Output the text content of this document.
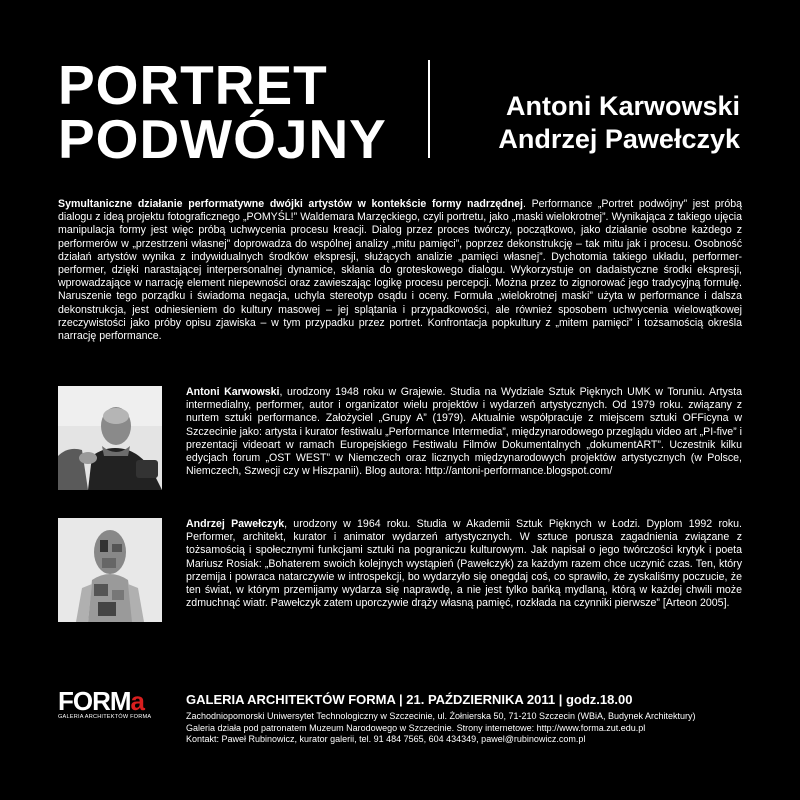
PORTRET
PODWÓJNY
Antoni Karwowski
Andrzej Pawełczyk

Symultaniczne działanie performatywne dwójki artystów w kontekście formy nadrzędnej. Performance „Portret podwójny” jest próbą dialogu z ideą projektu fotograficznego „POMYŚL!” Waldemara Marzęckiego, czyli portretu, jako „maski wielokrotnej”. Wynikająca z takiego ujęcia manipulacja formy jest więc próbą uchwycenia procesu kreacji. Dialog przez proces twórczy, początkowo, jako działanie osobne każdego z performerów w „przestrzeni własnej” doprowadza do wspólnej analizy „mitu pamięci”, poprzez dekonstrukcję – tak mitu jak i procesu. Osobność działań artystów wynika z indywidualnych środków ekspresji, służących analizie „pamięci własnej”. Dychotomia takiego układu, performer-performer, dzięki narastającej interpersonalnej dynamice, skłania do groteskowego dialogu. Wykorzystuje on dadaistyczne środki ekspresji, wprowadzające w narrację element niepewności oraz zawieszając logikę procesu percepcji. Można przez to zignorować jego tradycyjną formułę. Naruszenie tego porządku i świadoma negacja, uchyla stereotyp osądu i oceny. Formuła „wielokrotnej maski” użyta w performance i dalsza dekonstrukcja, jest odniesieniem do kultury masowej – jej splątania i przypadkowości, ale również sposobem uchwycenia wielowątkowej rzeczywistości jako próby opisu zjawiska – w tym przypadku przez portret. Konfrontacja popkultury z „mitem pamięci” i tożsamością określa narrację performance.

Antoni Karwowski, urodzony 1948 roku w Grajewie. Studia na Wydziale Sztuk Pięknych UMK w Toruniu. Artysta intermedialny, performer, autor i organizator wielu projektów i wydarzeń artystycznych. Od 1979 roku. związany z nurtem sztuki performance. Założyciel „Grupy A” (1979). Aktualnie współpracuje z miejscem sztuki OFFicyna w Szczecinie jako: artysta i kurator festiwalu „Performance Intermedia”, międzynarodowego przeglądu video art „PI-five” i prezentacji videoart w ramach Europejskiego Festiwalu Filmów Dokumentalnych „dokumentART”. Uczestnik kilku edycjach forum „OST WEST” w Niemczech oraz licznych międzynarodowych projektów artystycznych (w Polsce, Niemczech, Szwecji czy w Hiszpanii). Blog autora: http://antoni-performance.blogspot.com/

Andrzej Pawełczyk, urodzony w 1964 roku. Studia w Akademii Sztuk Pięknych w Łodzi. Dyplom 1992 roku. Performer, architekt, kurator i animator wydarzeń artystycznych. W sztuce porusza zagadnienia związane z tożsamością i społecznymi funkcjami sztuki na pograniczu kulturowym. Jak napisał o jego twórczości krytyk i poeta Mariusz Rosiak: „Bohaterem swoich kolejnych wystąpień (Pawełczyk) za każdym razem chce uczynić czas. Ten, który przemija i powraca natarczywie w introspekcji, bo wydarzyło się onegdaj coś, co sprawiło, że zyskaliśmy poczucie, że ten świat, w którym przemijamy wydarza się naprawdę, a nie jest tylko bańką mydlaną, którą w każdej chwili może zdmuchnąć wiatr. Pawełczyk zatem uporczywie drąży własną pamięć, rozkłada na czynniki pierwsze” [Arteon 2005].

FORMa
GALERIA ARCHITEKTÓW FORMA

GALERIA ARCHITEKTÓW FORMA | 21. PAŹDZIERNIKA 2011 | godz.18.00

Zachodniopomorski Uniwersytet Technologiczny w Szczecinie, ul. Żołnierska 50, 71-210 Szczecin (WBiA, Budynek Architektury)

Galeria działa pod patronatem Muzeum Narodowego w Szczecinie. Strony internetowe: http://www.forma.zut.edu.pl

Kontakt: Paweł Rubinowicz, kurator galerii, tel. 91 484 7565, 604 434349, pawel@rubinowicz.com.pl
